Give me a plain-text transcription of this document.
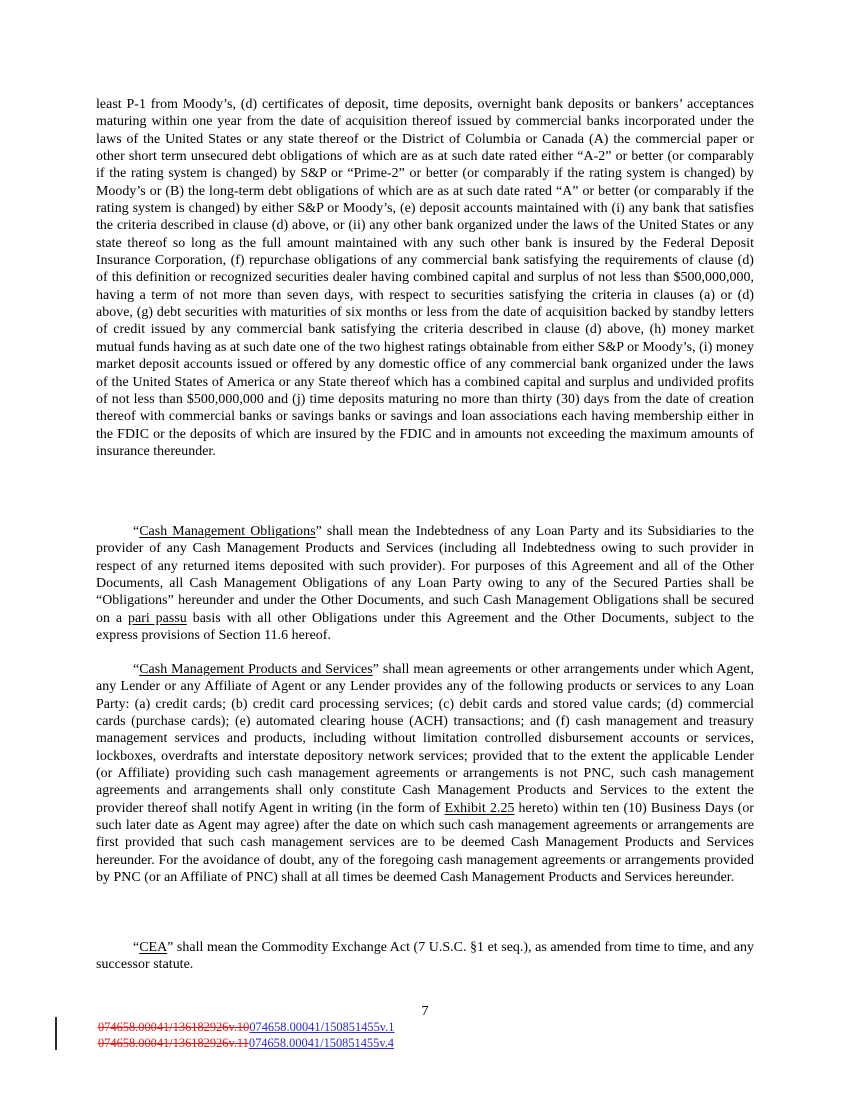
least P-1 from Moody’s, (d) certificates of deposit, time deposits, overnight bank deposits or bankers’ acceptances maturing within one year from the date of acquisition thereof issued by commercial banks incorporated under the laws of the United States or any state thereof or the District of Columbia or Canada (A) the commercial paper or other short term unsecured debt obligations of which are as at such date rated either “A-2” or better (or comparably if the rating system is changed) by S&P or “Prime-2” or better (or comparably if the rating system is changed) by Moody’s or (B) the long-term debt obligations of which are as at such date rated “A” or better (or comparably if the rating system is changed) by either S&P or Moody’s, (e) deposit accounts maintained with (i) any bank that satisfies the criteria described in clause (d) above, or (ii) any other bank organized under the laws of the United States or any state thereof so long as the full amount maintained with any such other bank is insured by the Federal Deposit Insurance Corporation, (f) repurchase obligations of any commercial bank satisfying the requirements of clause (d) of this definition or recognized securities dealer having combined capital and surplus of not less than $500,000,000, having a term of not more than seven days, with respect to securities satisfying the criteria in clauses (a) or (d) above, (g) debt securities with maturities of six months or less from the date of acquisition backed by standby letters of credit issued by any commercial bank satisfying the criteria described in clause (d) above, (h) money market mutual funds having as at such date one of the two highest ratings obtainable from either S&P or Moody’s, (i) money market deposit accounts issued or offered by any domestic office of any commercial bank organized under the laws of the United States of America or any State thereof which has a combined capital and surplus and undivided profits of not less than $500,000,000 and (j) time deposits maturing no more than thirty (30) days from the date of creation thereof with commercial banks or savings banks or savings and loan associations each having membership either in the FDIC or the deposits of which are insured by the FDIC and in amounts not exceeding the maximum amounts of insurance thereunder.
“Cash Management Obligations” shall mean the Indebtedness of any Loan Party and its Subsidiaries to the provider of any Cash Management Products and Services (including all Indebtedness owing to such provider in respect of any returned items deposited with such provider). For purposes of this Agreement and all of the Other Documents, all Cash Management Obligations of any Loan Party owing to any of the Secured Parties shall be “Obligations” hereunder and under the Other Documents, and such Cash Management Obligations shall be secured on a pari passu basis with all other Obligations under this Agreement and the Other Documents, subject to the express provisions of Section 11.6 hereof.
“Cash Management Products and Services” shall mean agreements or other arrangements under which Agent, any Lender or any Affiliate of Agent or any Lender provides any of the following products or services to any Loan Party: (a) credit cards; (b) credit card processing services; (c) debit cards and stored value cards; (d) commercial cards (purchase cards); (e) automated clearing house (ACH) transactions; and (f) cash management and treasury management services and products, including without limitation controlled disbursement accounts or services, lockboxes, overdrafts and interstate depository network services; provided that to the extent the applicable Lender (or Affiliate) providing such cash management agreements or arrangements is not PNC, such cash management agreements and arrangements shall only constitute Cash Management Products and Services to the extent the provider thereof shall notify Agent in writing (in the form of Exhibit 2.25 hereto) within ten (10) Business Days (or such later date as Agent may agree) after the date on which such cash management agreements or arrangements are first provided that such cash management services are to be deemed Cash Management Products and Services hereunder. For the avoidance of doubt, any of the foregoing cash management agreements or arrangements provided by PNC (or an Affiliate of PNC) shall at all times be deemed Cash Management Products and Services hereunder.
“CEA” shall mean the Commodity Exchange Act (7 U.S.C. §1 et seq.), as amended from time to time, and any successor statute.
7
074658.00041/136182926v.10074658.00041/150851455v.1
074658.00041/136182926v.11074658.00041/150851455v.4
